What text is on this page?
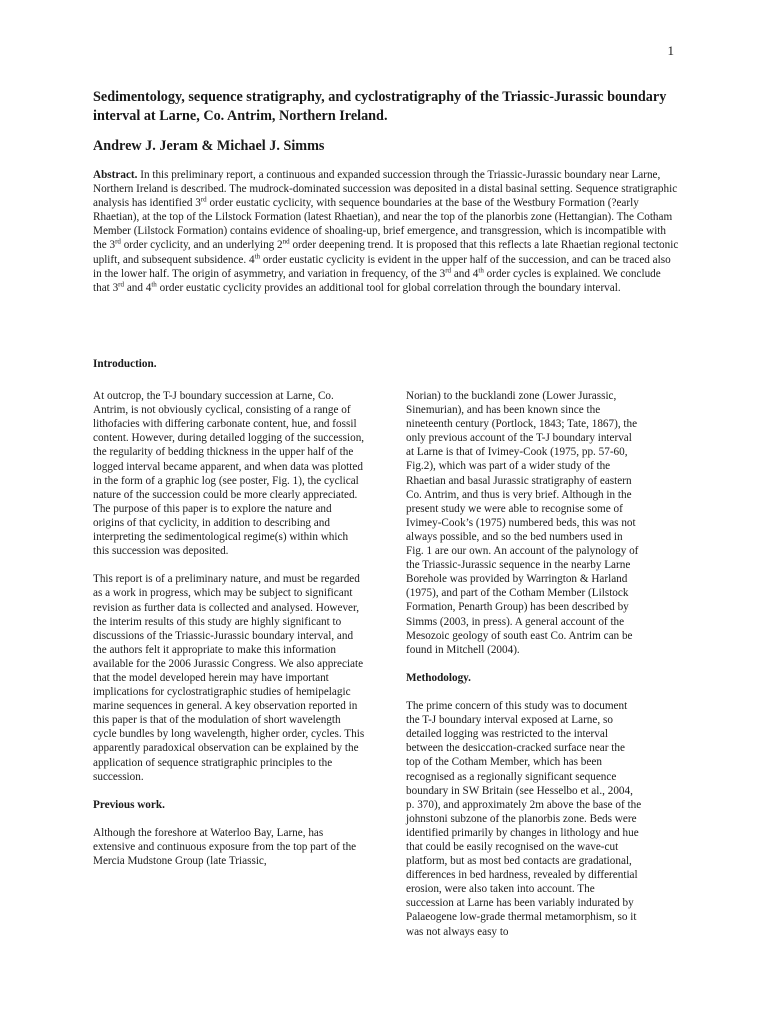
1
Sedimentology, sequence stratigraphy, and cyclostratigraphy of the Triassic-Jurassic boundary interval at Larne, Co. Antrim, Northern Ireland.
Andrew J. Jeram & Michael J. Simms

Abstract. In this preliminary report, a continuous and expanded succession through the Triassic-Jurassic boundary near Larne, Northern Ireland is described. The mudrock-dominated succession was deposited in a distal basinal setting. Sequence stratigraphic analysis has identified 3rd order eustatic cyclicity, with sequence boundaries at the base of the Westbury Formation (?early Rhaetian), at the top of the Lilstock Formation (latest Rhaetian), and near the top of the planorbis zone (Hettangian). The Cotham Member (Lilstock Formation) contains evidence of shoaling-up, brief emergence, and transgression, which is incompatible with the 3rd order cyclicity, and an underlying 2nd order deepening trend. It is proposed that this reflects a late Rhaetian regional tectonic uplift, and subsequent subsidence. 4th order eustatic cyclicity is evident in the upper half of the succession, and can be traced also in the lower half. The origin of asymmetry, and variation in frequency, of the 3rd and 4th order cycles is explained. We conclude that 3rd and 4th order eustatic cyclicity provides an additional tool for global correlation through the boundary interval.

Introduction.

At outcrop, the T-J boundary succession at Larne, Co. Antrim, is not obviously cyclical, consisting of a range of lithofacies with differing carbonate content, hue, and fossil content. However, during detailed logging of the succession, the regularity of bedding thickness in the upper half of the logged interval became apparent, and when data was plotted in the form of a graphic log (see poster, Fig. 1), the cyclical nature of the succession could be more clearly appreciated. The purpose of this paper is to explore the nature and origins of that cyclicity, in addition to describing and interpreting the sedimentological regime(s) within which this succession was deposited.

This report is of a preliminary nature, and must be regarded as a work in progress, which may be subject to significant revision as further data is collected and analysed. However, the interim results of this study are highly significant to discussions of the Triassic-Jurassic boundary interval, and the authors felt it appropriate to make this information available for the 2006 Jurassic Congress. We also appreciate that the model developed herein may have important implications for cyclostratigraphic studies of hemipelagic marine sequences in general. A key observation reported in this paper is that of the modulation of short wavelength cycle bundles by long wavelength, higher order, cycles. This apparently paradoxical observation can be explained by the application of sequence stratigraphic principles to the succession.

Previous work.

Although the foreshore at Waterloo Bay, Larne, has extensive and continuous exposure from the top part of the Mercia Mudstone Group (late Triassic,

Norian) to the bucklandi zone (Lower Jurassic, Sinemurian), and has been known since the nineteenth century (Portlock, 1843; Tate, 1867), the only previous account of the T-J boundary interval at Larne is that of Ivimey-Cook (1975, pp. 57-60, Fig.2), which was part of a wider study of the Rhaetian and basal Jurassic stratigraphy of eastern Co. Antrim, and thus is very brief. Although in the present study we were able to recognise some of Ivimey-Cook’s (1975) numbered beds, this was not always possible, and so the bed numbers used in Fig. 1 are our own. An account of the palynology of the Triassic-Jurassic sequence in the nearby Larne Borehole was provided by Warrington & Harland (1975), and part of the Cotham Member (Lilstock Formation, Penarth Group) has been described by Simms (2003, in press). A general account of the Mesozoic geology of south east Co. Antrim can be found in Mitchell (2004).

Methodology.

The prime concern of this study was to document the T-J boundary interval exposed at Larne, so detailed logging was restricted to the interval between the desiccation-cracked surface near the top of the Cotham Member, which has been recognised as a regionally significant sequence boundary in SW Britain (see Hesselbo et al., 2004, p. 370), and approximately 2m above the base of the johnstoni subzone of the planorbis zone. Beds were identified primarily by changes in lithology and hue that could be easily recognised on the wave-cut platform, but as most bed contacts are gradational, differences in bed hardness, revealed by differential erosion, were also taken into account. The succession at Larne has been variably indurated by Palaeogene low-grade thermal metamorphism, so it was not always easy to
